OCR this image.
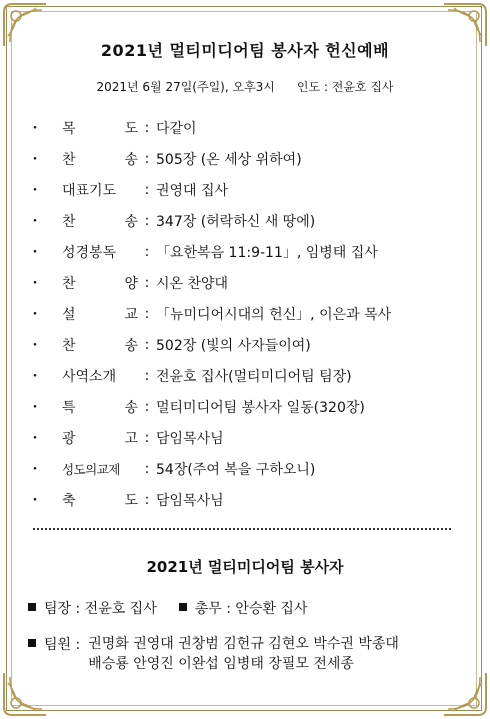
2021년 멀티미디어팀 봉사자 헌신예배
2021년 6월 27일(주일), 오후3시 인도 : 전윤호 집사
・	목	도 : 다같이
・	찬	송 : 505장 (온 세상 위하여)
・	대표기도	: 권영대 집사
・	찬	송 : 347장 (허락하신 새 땅에)
・	성경봉독	: 「요한복음 11:9-11」, 임병태 집사
・	찬	양 : 시온 찬양대
・	설	교 : 「뉴미디어시대의 헌신」, 이은과 목사
・	찬	송 : 502장 (빛의 사자들이여)
・	사역소개	: 전윤호 집사(멀티미디어팀 팀장)
・	특	송 : 멀티미디어팀 봉사자 일동(320장)
・	광	고 : 담임목사님
・	성도의교제	: 54장(주여 복을 구하오니)
・	축	도 : 담임목사님
2021년 멀티미디어팀 봉사자
팀장 : 전윤호 집사	총무 : 안승환 집사
팀원 : 권명화 권영대 권창범 김헌규 김현오 박수권 박종대
배승룡 안영진 이완섭 임병태 장필모 전세종
